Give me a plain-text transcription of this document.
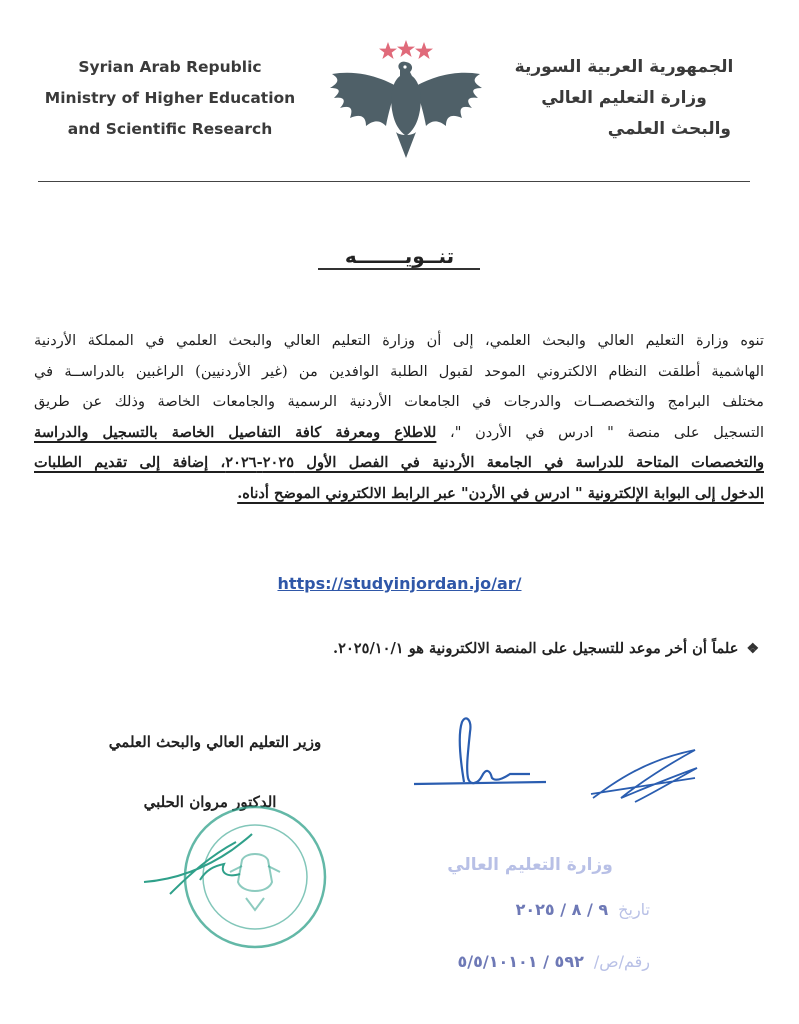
Syrian Arab Republic
Ministry of Higher Education
and Scientific Research
الجمهورية العربية السورية
وزارة التعليم العالي
والبحث العلمي
تنــويـــــــه
تنوه وزارة التعليم العالي والبحث العلمي، إلى أن وزارة التعليم العالي والبحث العلمي في المملكة الأردنية
الهاشمية أطلقت النظام الالكتروني الموحد لقبول الطلبة الوافدين من (غير الأردنيين) الراغبين بالدراســة في
مختلف البرامج والتخصصــات والدرجات في الجامعات الأردنية الرسمية والجامعات الخاصة وذلك عن طريق
التسجيل على منصة " ادرس في الأردن "، للاطلاع ومعرفة كافة التفاصيل الخاصة بالتسجيل والدراسة
والتخصصات المتاحة للدراسة في الجامعة الأردنية في الفصل الأول ٢٠٢٥-٢٠٢٦، إضافة إلى تقديم الطلبات
الدخول إلى البوابة الإلكترونية " ادرس في الأردن" عبر الرابط الالكتروني الموضح أدناه.
https://studyinjordan.jo/ar/
❖علماً أن أخر موعد للتسجيل على المنصة الالكترونية هو ٢٠٢٥/١٠/١.
وزير التعليم العالي والبحث العلمي
الدكتور مروان الحلبي
وزارة التعليم العالي
تاريخ٩ / ٨ / ٢٠٢٥
رقم/ص/٥٩٢ / ٥/٥/١٠١٠١
